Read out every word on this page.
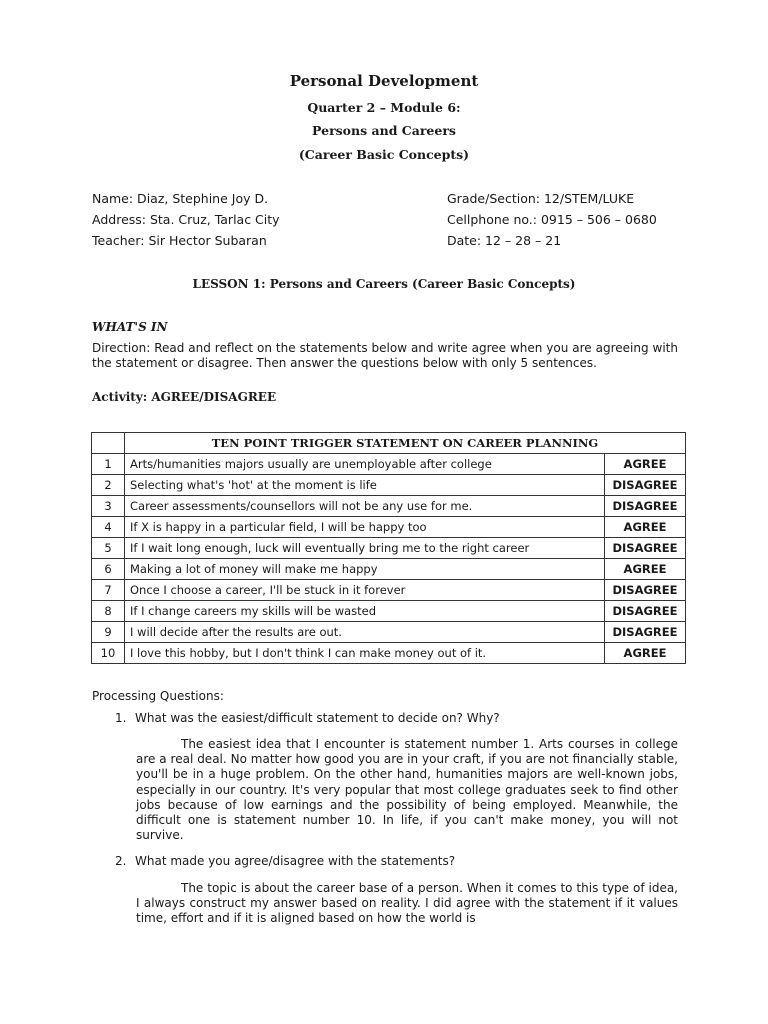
Personal Development
Quarter 2 – Module 6:
Persons and Careers
(Career Basic Concepts)
Name: Diaz, Stephine Joy D.
Address: Sta. Cruz, Tarlac City
Teacher: Sir Hector Subaran
Grade/Section: 12/STEM/LUKE
Cellphone no.: 0915 – 506 – 0680
Date: 12 – 28 – 21
LESSON 1: Persons and Careers (Career Basic Concepts)
WHAT'S IN
Direction: Read and reflect on the statements below and write agree when you are agreeing with the statement or disagree. Then answer the questions below with only 5 sentences.
Activity: AGREE/DISAGREE
	TEN POINT TRIGGER STATEMENT ON CAREER PLANNING	
1	Arts/humanities majors usually are unemployable after college	AGREE
2	Selecting what's 'hot' at the moment is life	DISAGREE
3	Career assessments/counsellors will not be any use for me.	DISAGREE
4	If X is happy in a particular field, I will be happy too	AGREE
5	If I wait long enough, luck will eventually bring me to the right career	DISAGREE
6	Making a lot of money will make me happy	AGREE
7	Once I choose a career, I'll be stuck in it forever	DISAGREE
8	If I change careers my skills will be wasted	DISAGREE
9	I will decide after the results are out.	DISAGREE
10	I love this hobby, but I don't think I can make money out of it.	AGREE
Processing Questions:
1. What was the easiest/difficult statement to decide on? Why?
The easiest idea that I encounter is statement number 1. Arts courses in college are a real deal. No matter how good you are in your craft, if you are not financially stable, you'll be in a huge problem. On the other hand, humanities majors are well-known jobs, especially in our country. It's very popular that most college graduates seek to find other jobs because of low earnings and the possibility of being employed. Meanwhile, the difficult one is statement number 10. In life, if you can't make money, you will not survive.
2. What made you agree/disagree with the statements?
The topic is about the career base of a person. When it comes to this type of idea, I always construct my answer based on reality. I did agree with the statement if it values time, effort and if it is aligned based on how the world is
